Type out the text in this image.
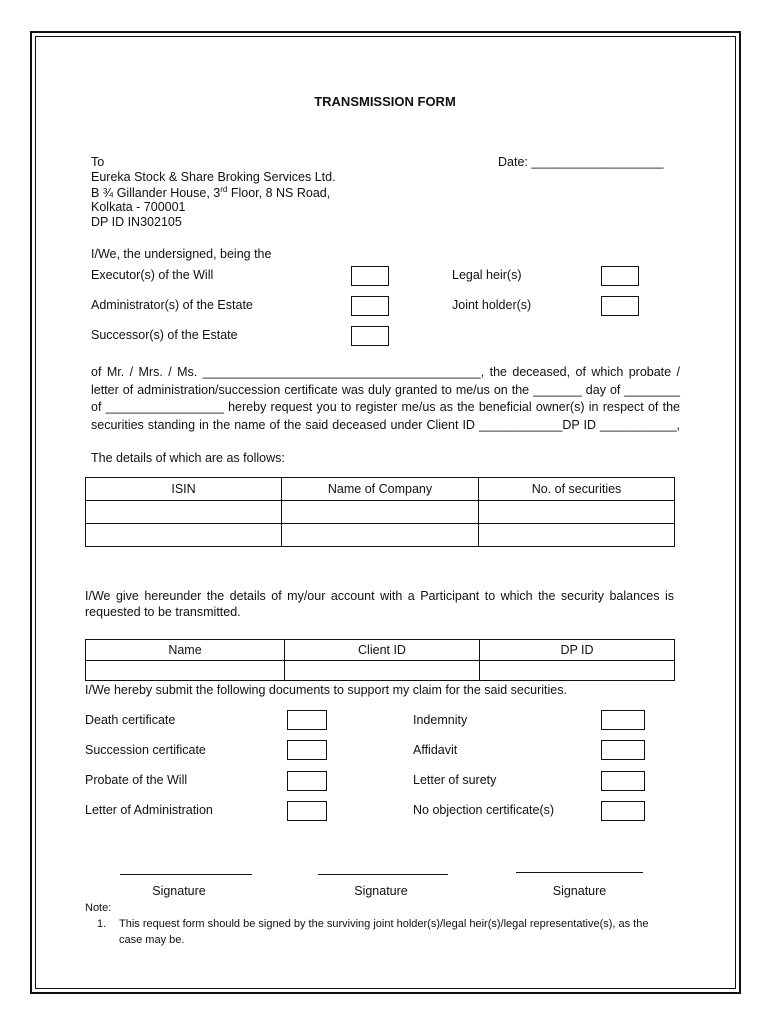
TRANSMISSION FORM
To
Eureka Stock & Share Broking Services Ltd.
B ¾ Gillander House, 3rd Floor, 8 NS Road,
Kolkata - 700001
DP ID IN302105
Date: ___________________
I/We, the undersigned, being the
Executor(s) of the Will	Legal heir(s)
Administrator(s) of the Estate	Joint holder(s)
Successor(s) of the Estate
of Mr. / Mrs. / Ms. ________________________________________, the deceased, of which probate /
letter of administration/succession certificate was duly granted to me/us on the _______ day of ________
of _________________ hereby request you to register me/us as the beneficial owner(s) in respect of the
securities standing in the name of the said deceased under Client ID ____________DP ID ___________,
The details of which are as follows:
ISIN	Name of Company	No. of securities

I/We give hereunder the details of my/our account with a Participant to which the security balances is
requested to be transmitted.
Name	Client ID	DP ID

I/We hereby submit the following documents to support my claim for the said securities.
Death certificate	Indemnity
Succession certificate	Affidavit
Probate of the Will	Letter of surety
Letter of Administration	No objection certificate(s)
Signature	Signature	Signature
Note:
1. This request form should be signed by the surviving joint holder(s)/legal heir(s)/legal representative(s), as the
case may be.
